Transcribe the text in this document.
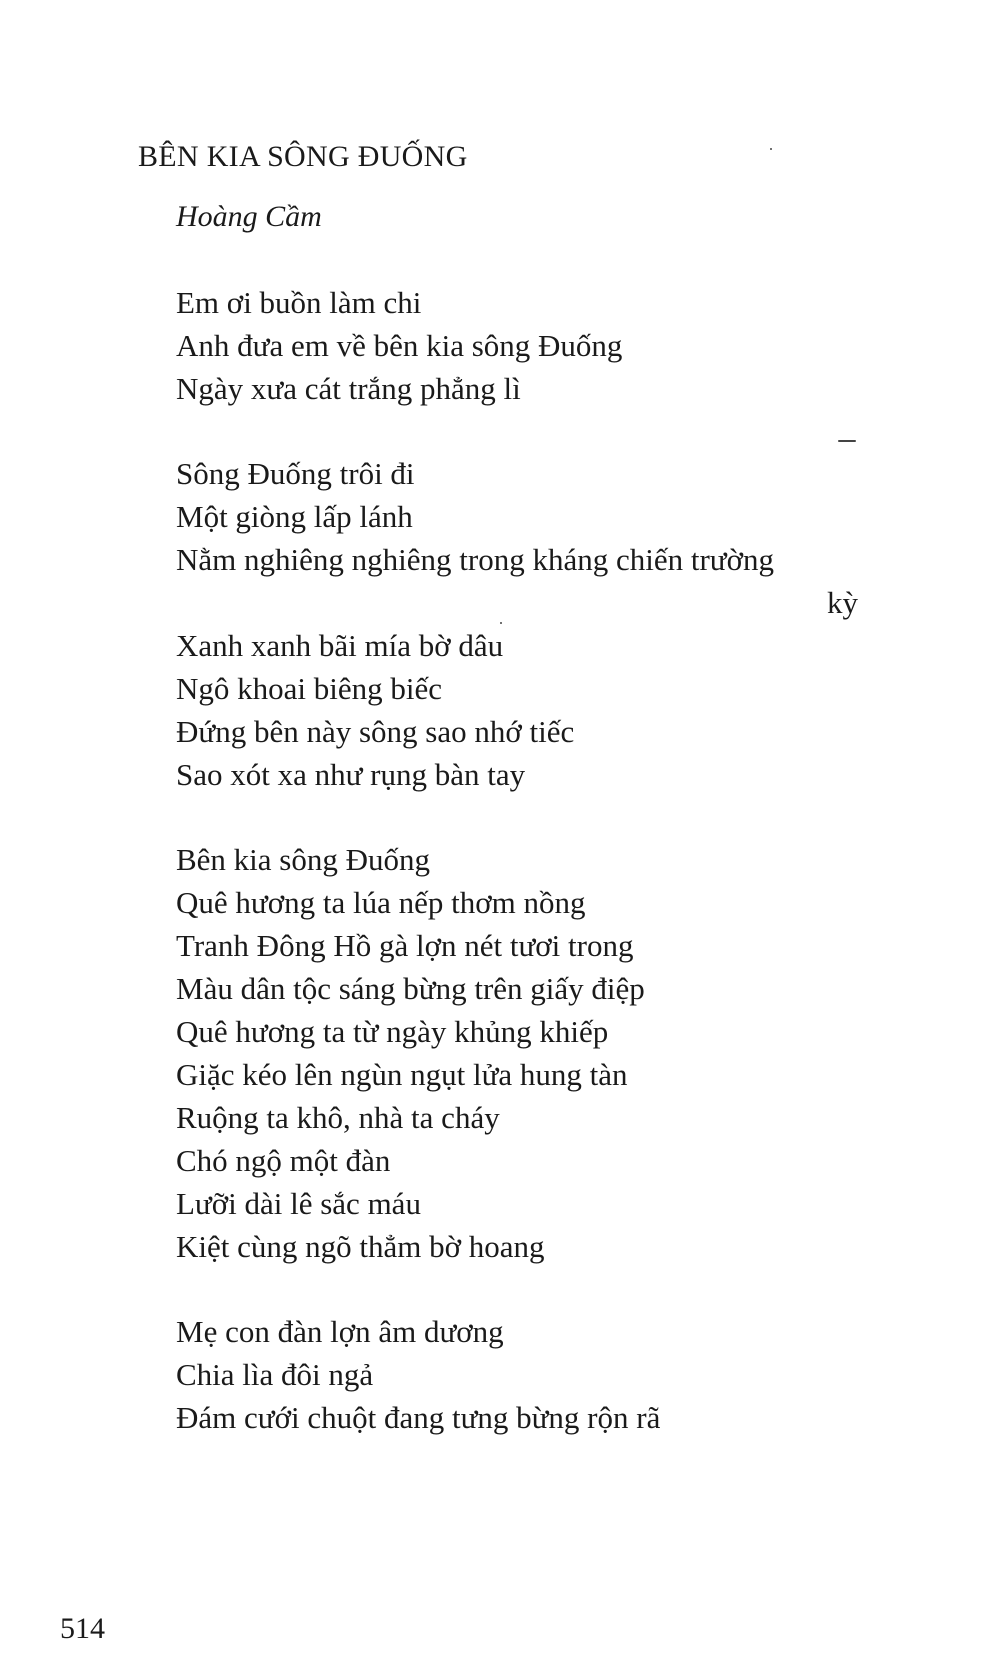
BÊN KIA SÔNG ĐUỐNG
Hoàng Cầm
Em ơi buồn làm chi
Anh đưa em về bên kia sông Đuống
Ngày xưa cát trắng phẳng lì
Sông Đuống trôi đi
Một giòng lấp lánh
Nằm nghiêng nghiêng trong kháng chiến trường
kỳ
Xanh xanh bãi mía bờ dâu
Ngô khoai biêng biếc
Đứng bên này sông sao nhớ tiếc
Sao xót xa như rụng bàn tay
Bên kia sông Đuống
Quê hương ta lúa nếp thơm nồng
Tranh Đông Hồ gà lợn nét tươi trong
Màu dân tộc sáng bừng trên giấy điệp
Quê hương ta từ ngày khủng khiếp
Giặc kéo lên ngùn ngụt lửa hung tàn
Ruộng ta khô, nhà ta cháy
Chó ngộ một đàn
Lưỡi dài lê sắc máu
Kiệt cùng ngõ thẳm bờ hoang
Mẹ con đàn lợn âm dương
Chia lìa đôi ngả
Đám cưới chuột đang tưng bừng rộn rã
514
